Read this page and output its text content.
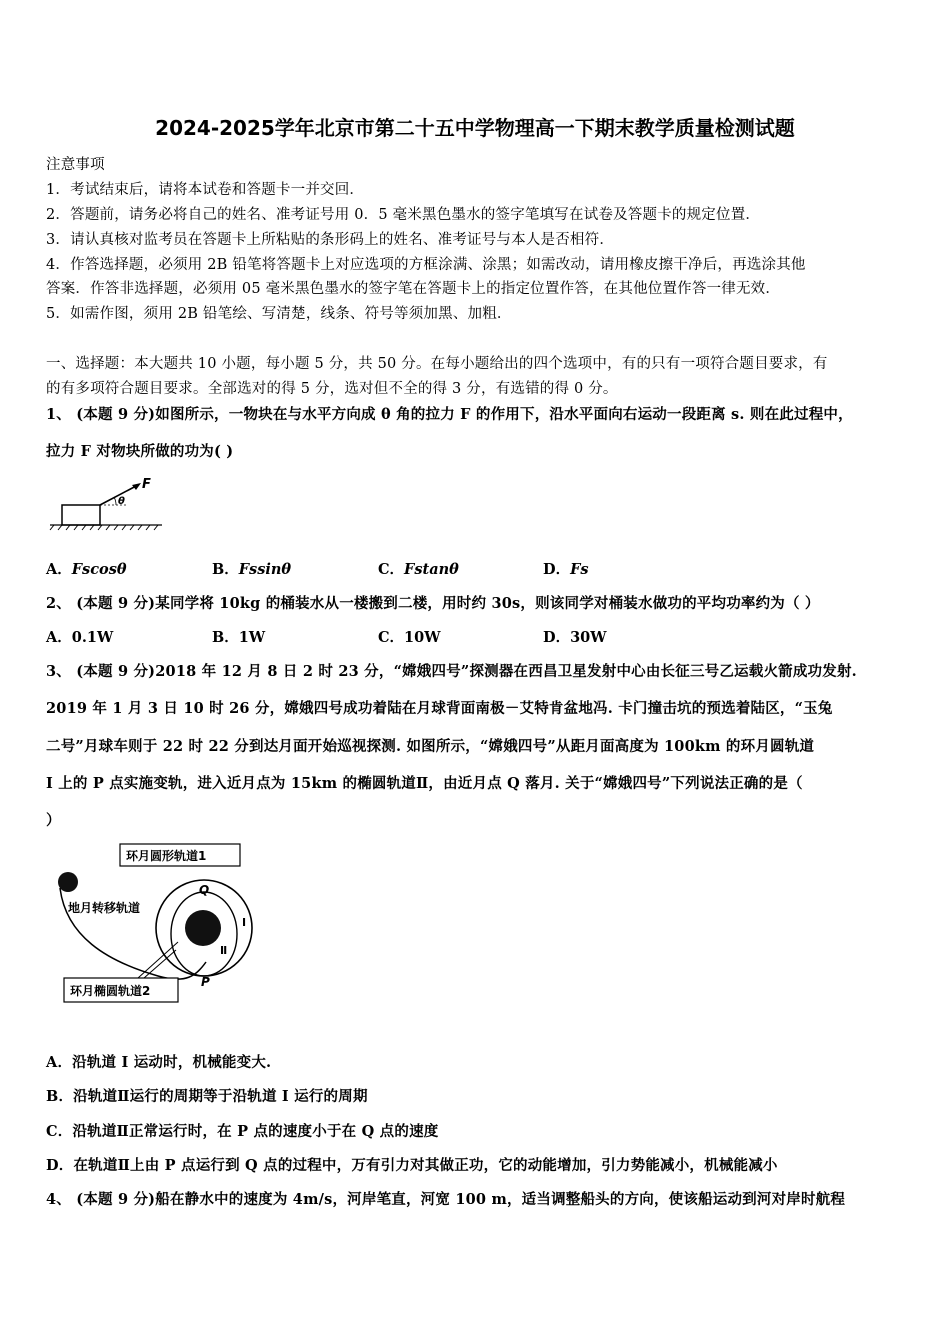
2024-2025学年北京市第二十五中学物理高一下期末教学质量检测试题
注意事项
1．考试结束后，请将本试卷和答题卡一并交回．
2．答题前，请务必将自己的姓名、准考证号用 0．5 毫米黑色墨水的签字笔填写在试卷及答题卡的规定位置．
3．请认真核对监考员在答题卡上所粘贴的条形码上的姓名、准考证号与本人是否相符．
4．作答选择题，必须用 2B 铅笔将答题卡上对应选项的方框涂满、涂黑；如需改动，请用橡皮擦干净后，再选涂其他
答案．作答非选择题，必须用 05 毫米黑色墨水的签字笔在答题卡上的指定位置作答，在其他位置作答一律无效．
5．如需作图，须用 2B 铅笔绘、写清楚，线条、符号等须加黑、加粗．
一、选择题：本大题共 10 小题，每小题 5 分，共 50 分。在每小题给出的四个选项中，有的只有一项符合题目要求，有
的有多项符合题目要求。全部选对的得 5 分，选对但不全的得 3 分，有选错的得 0 分。
1、 (本题 9 分)如图所示，一物块在与水平方向成 θ 角的拉力 F 的作用下，沿水平面向右运动一段距离 s. 则在此过程中，
拉力 F 对物块所做的功为( )
θ
F
A．Fscosθ	B．Fssinθ	C．Fstanθ	D．Fs
2、 (本题 9 分)某同学将 10kg 的桶装水从一楼搬到二楼，用时约 30s，则该同学对桶装水做功的平均功率约为（ ）
A．0.1W	B．1W	C．10W	D．30W
3、 (本题 9 分)2018 年 12 月 8 日 2 时 23 分，“嫦娥四号”探测器在西昌卫星发射中心由长征三号乙运载火箭成功发射.
2019 年 1 月 3 日 10 时 26 分，嫦娥四号成功着陆在月球背面南极－艾特肯盆地冯. 卡门撞击坑的预选着陆区，“玉兔
二号”月球车则于 22 时 22 分到达月面开始巡视探测. 如图所示，“嫦娥四号”从距月面高度为 100km 的环月圆轨道
I 上的 P 点实施变轨，进入近月点为 15km 的椭圆轨道Ⅱ，由近月点 Q 落月. 关于“嫦娥四号”下列说法正确的是（
）
环月圆形轨道1
地月转移轨道
环月椭圆轨道2
Q
P
I
Ⅱ
A．沿轨道 I 运动时，机械能变大.
B．沿轨道Ⅱ运行的周期等于沿轨道 I 运行的周期
C．沿轨道Ⅱ正常运行时，在 P 点的速度小于在 Q 点的速度
D．在轨道Ⅱ上由 P 点运行到 Q 点的过程中，万有引力对其做正功，它的动能增加，引力势能减小，机械能减小
4、 (本题 9 分)船在静水中的速度为 4m/s，河岸笔直，河宽 100 m，适当调整船头的方向，使该船运动到河对岸时航程
